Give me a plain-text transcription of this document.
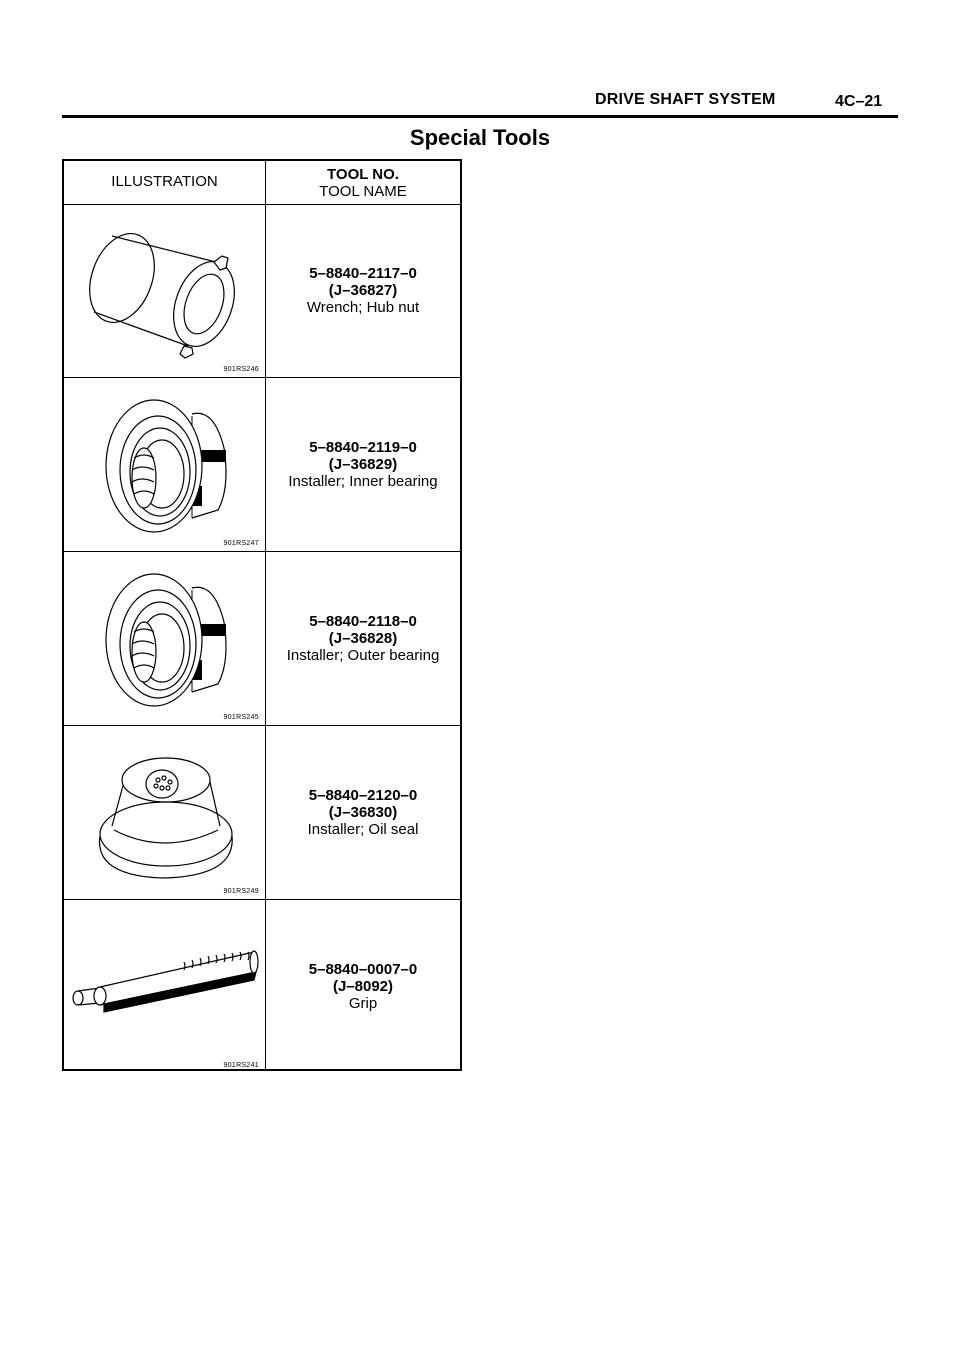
DRIVE SHAFT SYSTEM	4C–21
Special Tools
ILLUSTRATION	TOOL NO.
TOOL NAME
901RS246
5–8840–2117–0
(J–36827)
Wrench; Hub nut
901RS247
5–8840–2119–0
(J–36829)
Installer; Inner bearing
901RS245
5–8840–2118–0
(J–36828)
Installer; Outer bearing
901RS249
5–8840–2120–0
(J–36830)
Installer; Oil seal
901RS241
5–8840–0007–0
(J–8092)
Grip
